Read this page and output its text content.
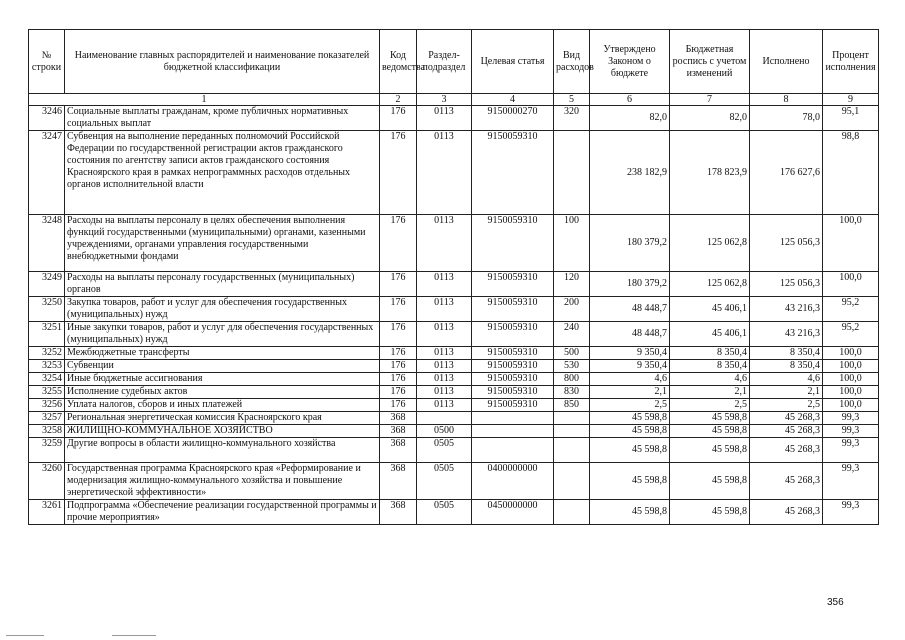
№ строки	Наименование главных распорядителей и наименование показателей бюджетной классификации	Код ведомства	Раздел-подраздел	Целевая статья	Вид расходов	Утверждено Законом о бюджете	Бюджетная роспись с учетом изменений	Исполнено	Процент исполнения
1		2	3	4	5	6	7	8	9
3246	Социальные выплаты гражданам, кроме публичных нормативных социальных выплат	176	0113	9150000270	320	82,0	82,0	78,0	95,1
3247	Субвенция на выполнение переданных полномочий Российской Федерации по государственной регистрации актов гражданского состояния по агентству записи актов гражданского состояния Красноярского края в рамках непрограммных расходов отдельных органов исполнительной власти	176	0113	9150059310		238 182,9	178 823,9	176 627,6	98,8
3248	Расходы на выплаты персоналу в целях обеспечения выполнения функций государственными (муниципальными) органами, казенными учреждениями, органами управления государственными внебюджетными фондами	176	0113	9150059310	100	180 379,2	125 062,8	125 056,3	100,0
3249	Расходы на выплаты персоналу государственных (муниципальных) органов	176	0113	9150059310	120	180 379,2	125 062,8	125 056,3	100,0
3250	Закупка товаров, работ и услуг для обеспечения государственных (муниципальных) нужд	176	0113	9150059310	200	48 448,7	45 406,1	43 216,3	95,2
3251	Иные закупки товаров, работ и услуг для обеспечения государственных (муниципальных) нужд	176	0113	9150059310	240	48 448,7	45 406,1	43 216,3	95,2
3252	Межбюджетные трансферты	176	0113	9150059310	500	9 350,4	8 350,4	8 350,4	100,0
3253	Субвенции	176	0113	9150059310	530	9 350,4	8 350,4	8 350,4	100,0
3254	Иные бюджетные ассигнования	176	0113	9150059310	800	4,6	4,6	4,6	100,0
3255	Исполнение судебных актов	176	0113	9150059310	830	2,1	2,1	2,1	100,0
3256	Уплата налогов, сборов и иных платежей	176	0113	9150059310	850	2,5	2,5	2,5	100,0
3257	Региональная энергетическая комиссия Красноярского края	368				45 598,8	45 598,8	45 268,3	99,3
3258	ЖИЛИЩНО-КОММУНАЛЬНОЕ ХОЗЯЙСТВО	368	0500			45 598,8	45 598,8	45 268,3	99,3
3259	Другие вопросы в области жилищно-коммунального хозяйства	368	0505			45 598,8	45 598,8	45 268,3	99,3
3260	Государственная программа Красноярского края «Реформирование и модернизация жилищно-коммунального хозяйства и повышение энергетической эффективности»	368	0505	0400000000		45 598,8	45 598,8	45 268,3	99,3
3261	Подпрограмма «Обеспечение реализации государственной программы и прочие мероприятия»	368	0505	0450000000		45 598,8	45 598,8	45 268,3	99,3
356
